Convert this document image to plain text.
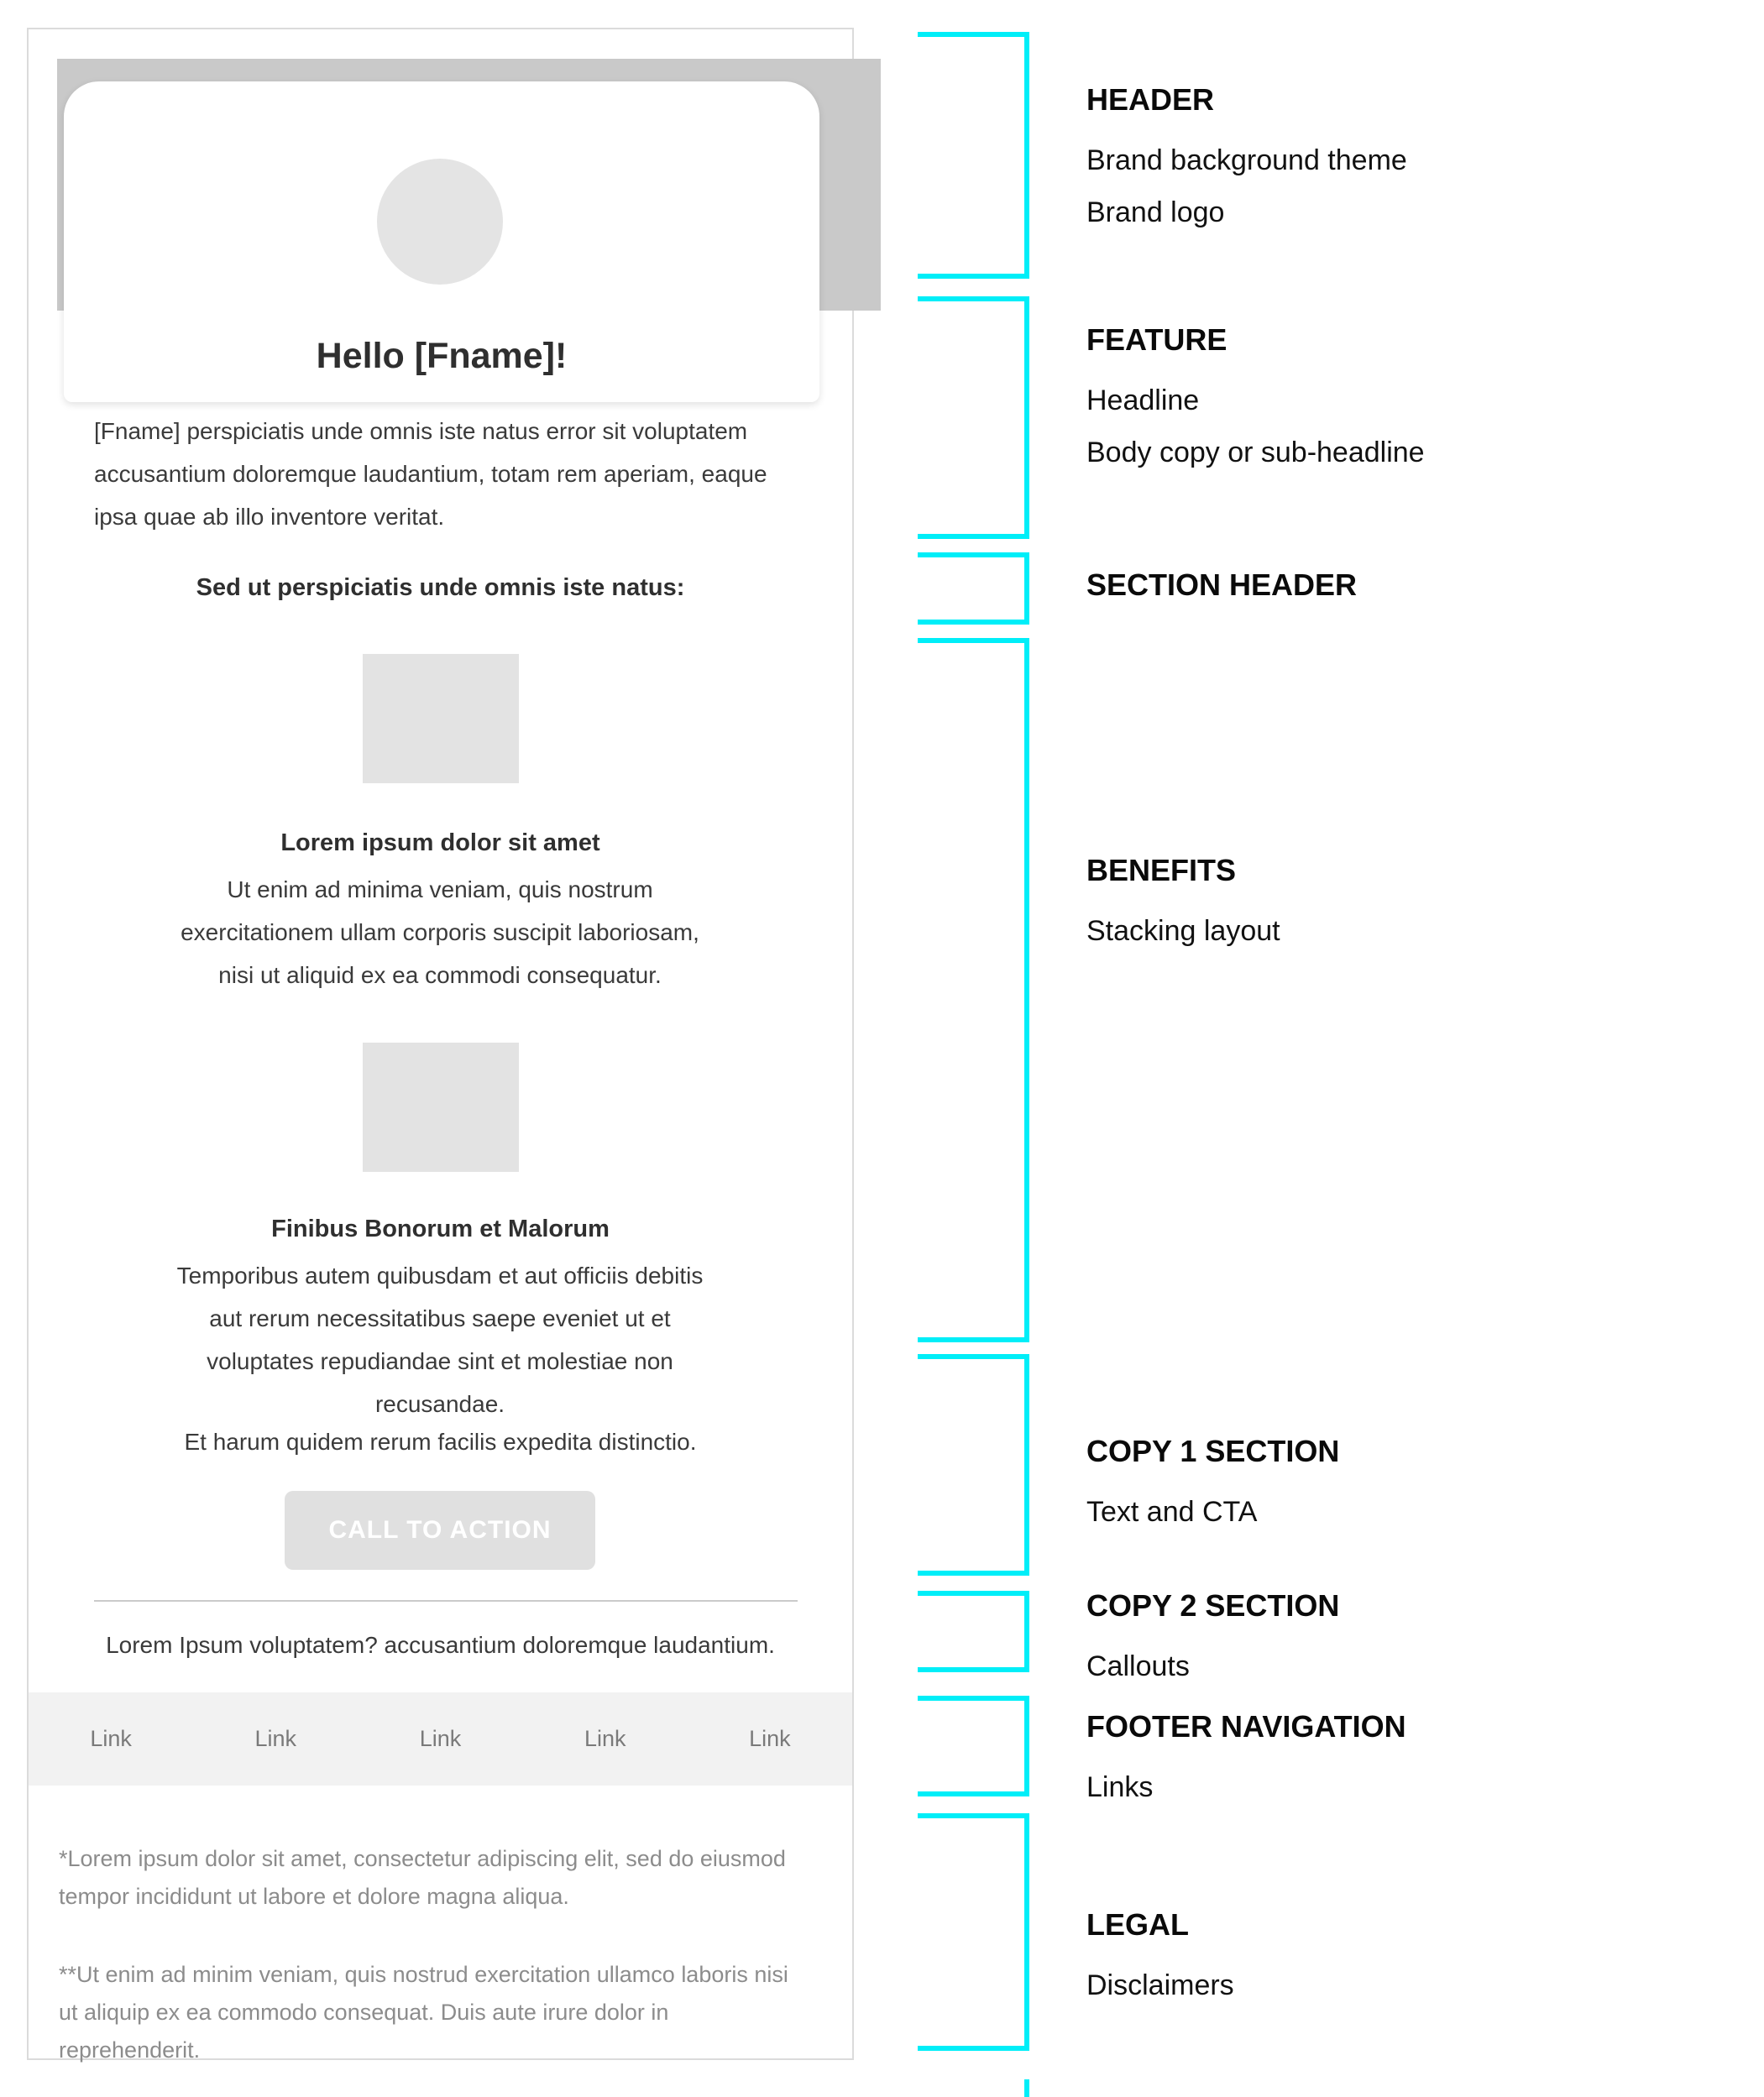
Hello [Fname]!
[Fname] perspiciatis unde omnis iste natus error sit voluptatem accusantium doloremque laudantium, totam rem aperiam, eaque ipsa quae ab illo inventore veritat.
Sed ut perspiciatis unde omnis iste natus:
Lorem ipsum dolor sit amet
Ut enim ad minima veniam, quis nostrum exercitationem ullam corporis suscipit laboriosam, nisi ut aliquid ex ea commodi consequatur.
Finibus Bonorum et Malorum
Temporibus autem quibusdam et aut officiis debitis aut rerum necessitatibus saepe eveniet ut et voluptates repudiandae sint et molestiae non recusandae.
Et harum quidem rerum facilis expedita distinctio.
CALL TO ACTION
Lorem Ipsum voluptatem? accusantium doloremque laudantium.
Link	Link	Link	Link	Link

*Lorem ipsum dolor sit amet, consectetur adipiscing elit, sed do eiusmod tempor incididunt ut labore et dolore magna aliqua.

**Ut enim ad minim veniam, quis nostrud exercitation ullamco laboris nisi ut aliquip ex ea commodo consequat. Duis aute irure dolor in reprehenderit.

HEADER
Brand background theme
Brand logo
FEATURE
Headline
Body copy or sub-headline
SECTION HEADER
BENEFITS
Stacking layout
COPY 1 SECTION
Text and CTA
COPY 2 SECTION
Callouts
FOOTER NAVIGATION
Links
LEGAL
Disclaimers
